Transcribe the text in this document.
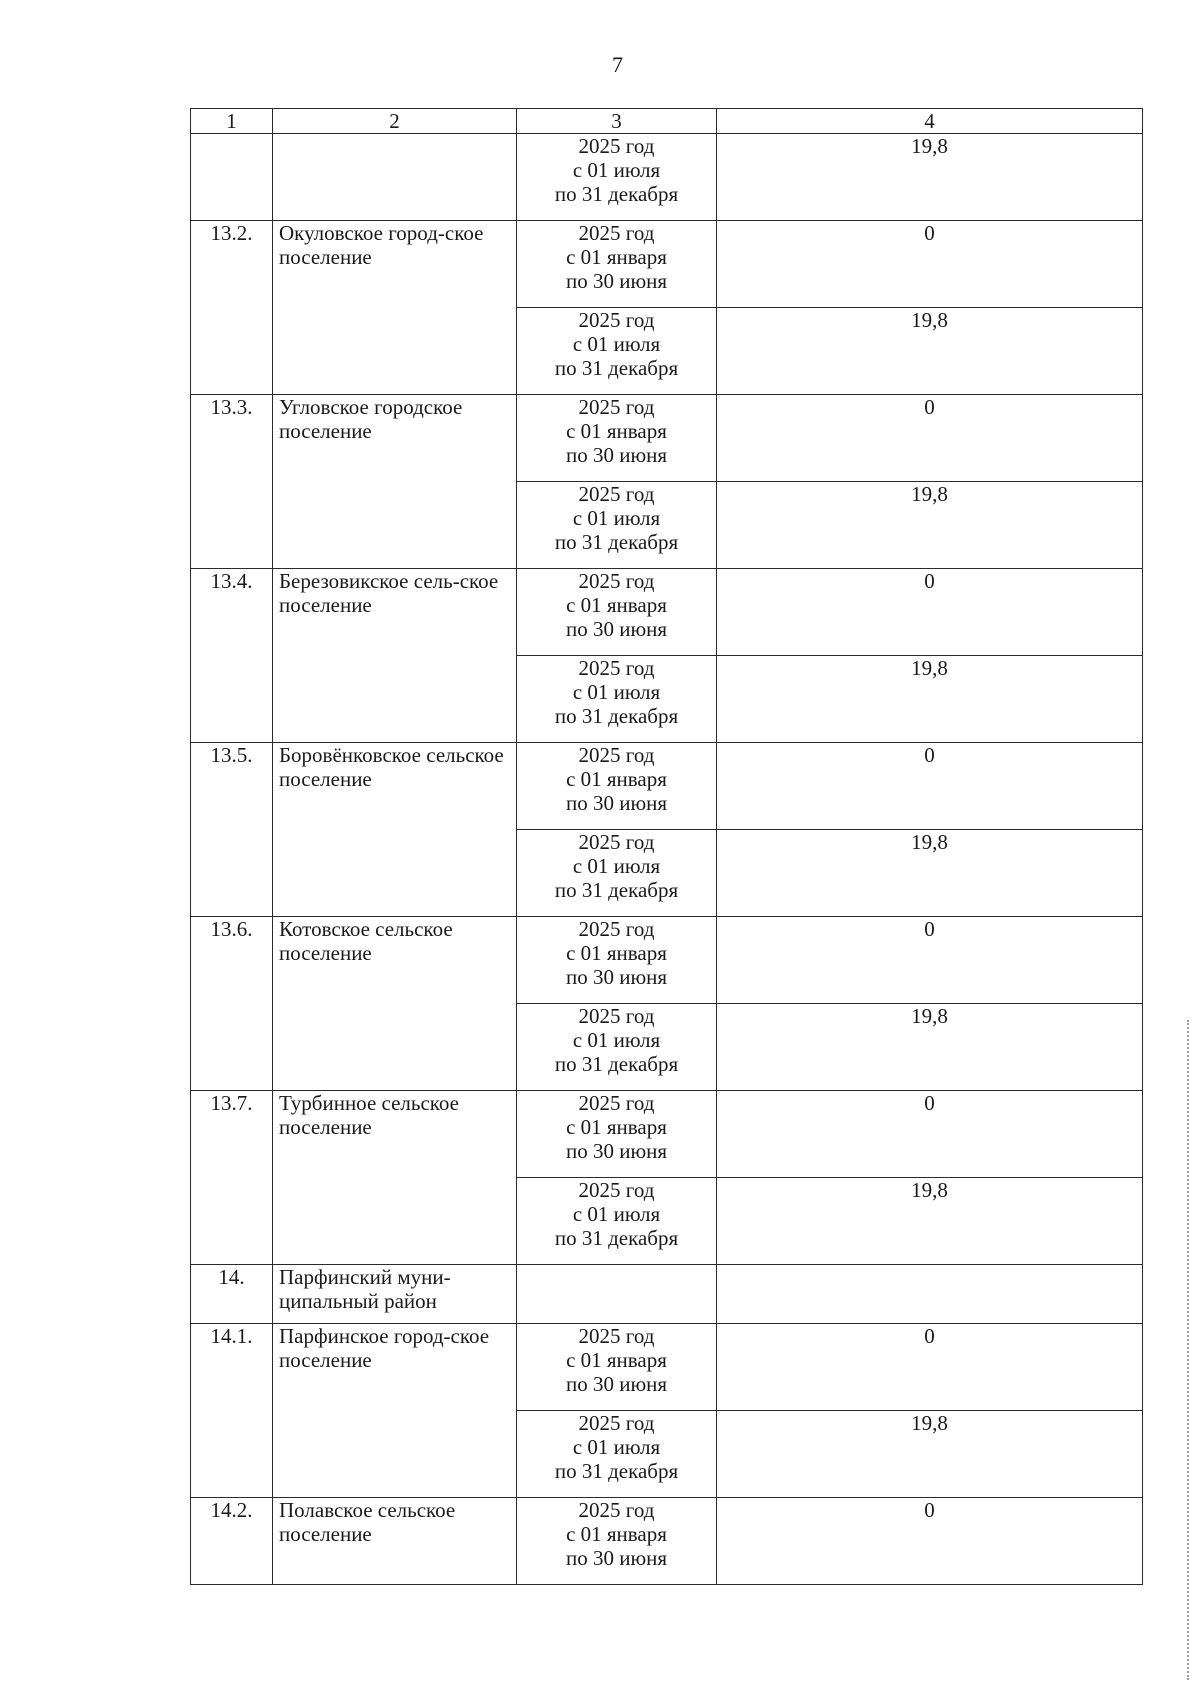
7
1	2	3	4

		2025 год
с 01 июля
по 31 декабря	19,8
13.2.	Окуловское город-ское поселение	2025 год
с 01 января
по 30 июня	0

		2025 год
с 01 июля
по 31 декабря	19,8
13.3.	Угловское городское поселение	2025 год
с 01 января
по 30 июня	0

		2025 год
с 01 июля
по 31 декабря	19,8
13.4.	Березовикское сель-ское поселение	2025 год
с 01 января
по 30 июня	0

		2025 год
с 01 июля
по 31 декабря	19,8
13.5.	Боровёнковское сельское поселение	2025 год
с 01 января
по 30 июня	0

		2025 год
с 01 июля
по 31 декабря	19,8
13.6.	Котовское сельское поселение	2025 год
с 01 января
по 30 июня	0

		2025 год
с 01 июля
по 31 декабря	19,8
13.7.	Турбинное сельское поселение	2025 год
с 01 января
по 30 июня	0

		2025 год
с 01 июля
по 31 декабря	19,8
14.	Парфинский муни-ципальный район		
14.1.	Парфинское город-ское поселение	2025 год
с 01 января
по 30 июня	0

		2025 год
с 01 июля
по 31 декабря	19,8
14.2.	Полавское сельское поселение	2025 год
с 01 января
по 30 июня	0
